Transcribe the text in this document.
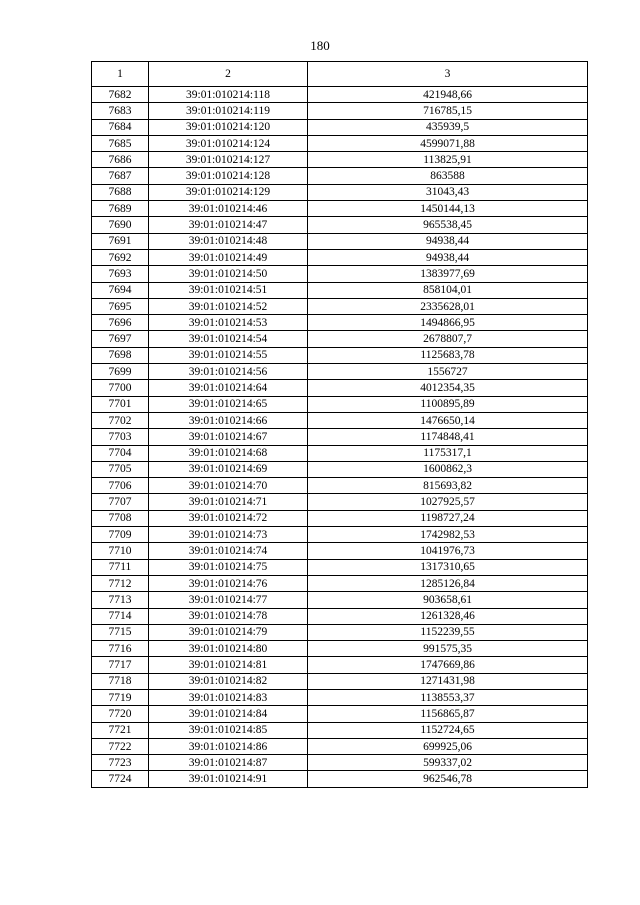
180
1	2	3
7682	39:01:010214:118	421948,66
7683	39:01:010214:119	716785,15
7684	39:01:010214:120	435939,5
7685	39:01:010214:124	4599071,88
7686	39:01:010214:127	113825,91
7687	39:01:010214:128	863588
7688	39:01:010214:129	31043,43
7689	39:01:010214:46	1450144,13
7690	39:01:010214:47	965538,45
7691	39:01:010214:48	94938,44
7692	39:01:010214:49	94938,44
7693	39:01:010214:50	1383977,69
7694	39:01:010214:51	858104,01
7695	39:01:010214:52	2335628,01
7696	39:01:010214:53	1494866,95
7697	39:01:010214:54	2678807,7
7698	39:01:010214:55	1125683,78
7699	39:01:010214:56	1556727
7700	39:01:010214:64	4012354,35
7701	39:01:010214:65	1100895,89
7702	39:01:010214:66	1476650,14
7703	39:01:010214:67	1174848,41
7704	39:01:010214:68	1175317,1
7705	39:01:010214:69	1600862,3
7706	39:01:010214:70	815693,82
7707	39:01:010214:71	1027925,57
7708	39:01:010214:72	1198727,24
7709	39:01:010214:73	1742982,53
7710	39:01:010214:74	1041976,73
7711	39:01:010214:75	1317310,65
7712	39:01:010214:76	1285126,84
7713	39:01:010214:77	903658,61
7714	39:01:010214:78	1261328,46
7715	39:01:010214:79	1152239,55
7716	39:01:010214:80	991575,35
7717	39:01:010214:81	1747669,86
7718	39:01:010214:82	1271431,98
7719	39:01:010214:83	1138553,37
7720	39:01:010214:84	1156865,87
7721	39:01:010214:85	1152724,65
7722	39:01:010214:86	699925,06
7723	39:01:010214:87	599337,02
7724	39:01:010214:91	962546,78
